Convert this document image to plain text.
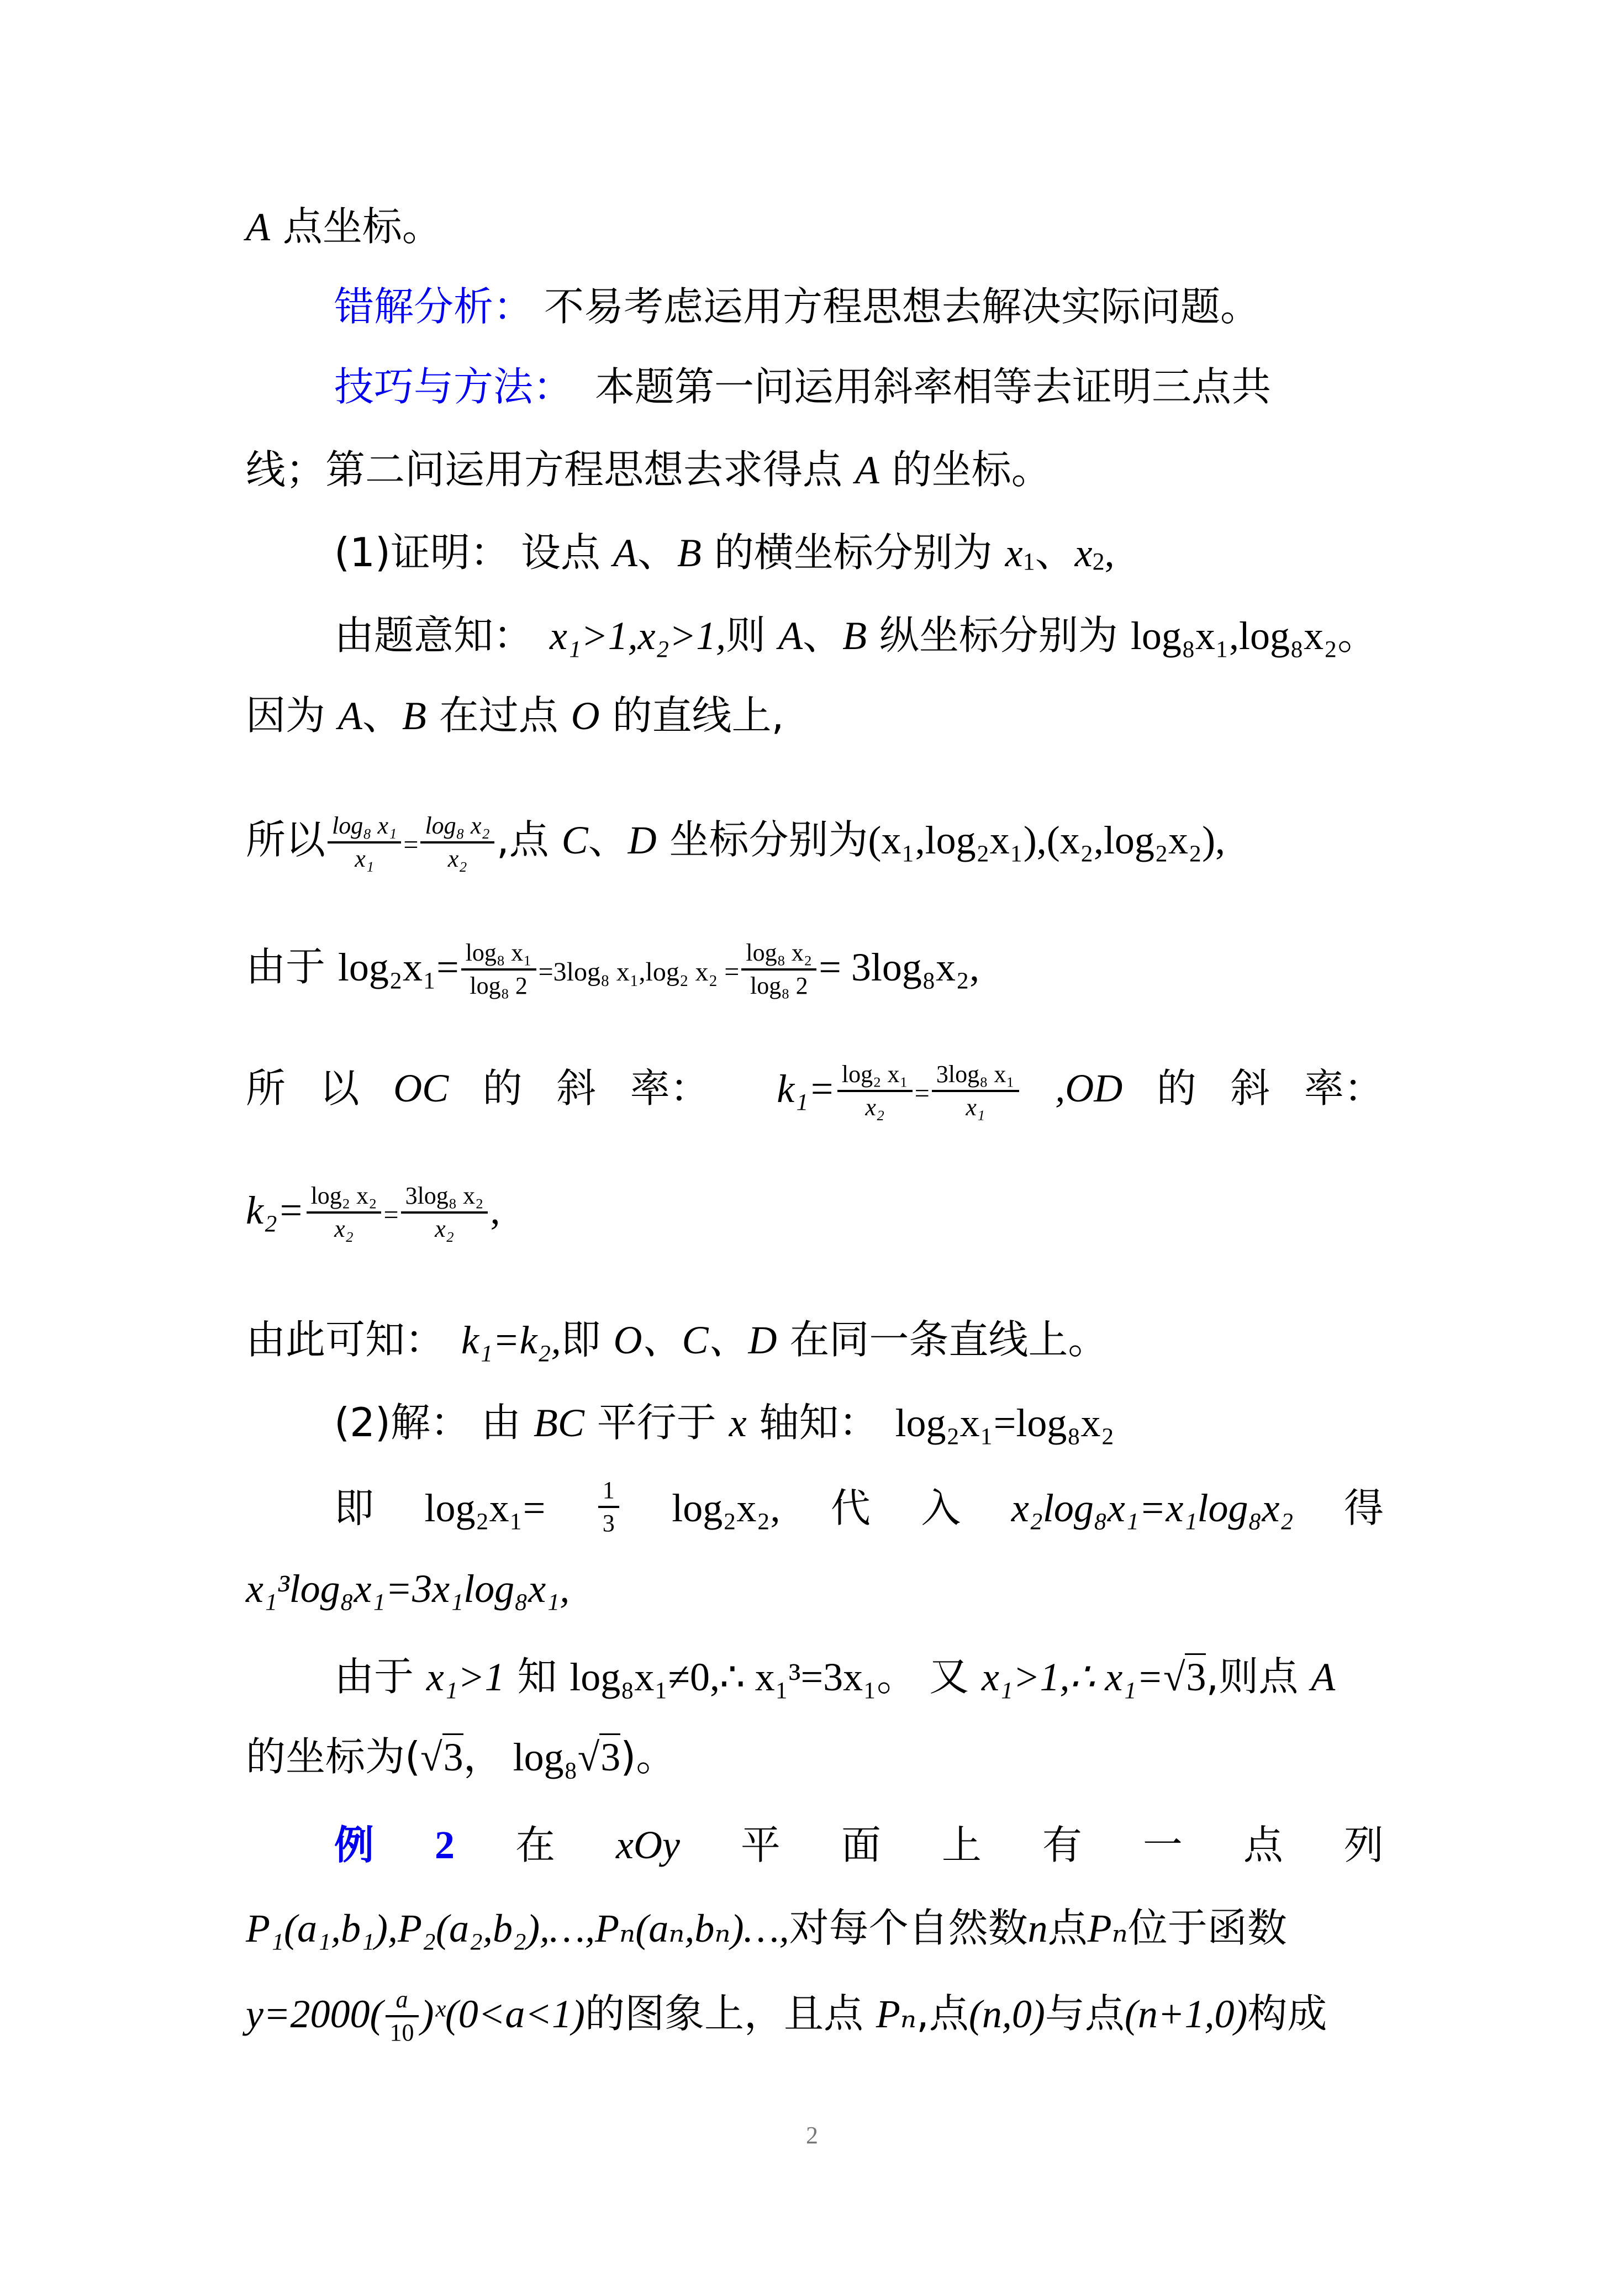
A 点坐标。
错解分析： 不易考虑运用方程思想去解决实际问题。
技巧与方法： 本题第一问运用斜率相等去证明三点共
线；第二问运用方程思想去求得点 A 的坐标。
(1)证明： 设点 A、B 的横坐标分别为 x1、x2,
由题意知： x₁>1,x₂>1,则 A、B 纵坐标分别为 log₈x₁,log₈x₂。
因为 A、B 在过点 O 的直线上,
所以 $\frac{\text{log₈ x₁}}{\text{x₁}} = \frac{\text{log₈ x₂}}{\text{x₂}}$ ,点 C、D 坐标分别为(x₁,log₂x₁),(x₂,log₂x₂),
由于 $\log_2x_1= \frac{\text{log₈ x₁}}{\text{log₈ 2}} =3\log_8$ x₁,log₂ $x_2 = \frac{\text{log₈ x₂}}{\text{log₈ 2}} = 3\log_8x_2$,
所 以 OC 的 斜 率： $k_1= \frac{\text{log₂ x₁}}{\text{x₂}} = \frac{\text{3log₈ x₁}}{\text{x₁}} ,OD$ 的 斜 率：
$k_2= \frac{\text{log₂ x₂}}{\text{x₂}} = \frac{\text{3log₈ x₂}}{\text{x₂}}$ ,
由此可知： k₁=k₂,即 O、C、D 在同一条直线上。
(2)解： 由 BC 平行于 x 轴知： log₂x₁=log₈x₂
即 $\log_2x_1= \frac{1}{3} \log_2x_2$, 代 入 x₂log₈x₁=x₁log₈x₂ 得
x₁³log₈x₁=3x₁log₈x₁,
由于 x₁>1 知 log₈x₁≠0,∴ x₁³=3x₁。 又 x₁>1,∴ x₁=√3,则点 A
的坐标为(√3， log₈√3)。
例 2 在 xOy 平 面 上 有 一 点 列
P₁(a₁,b₁),P₂(a₂,b₂),…,Pₙ(aₙ,bₙ)…,对每个自然数n点Pₙ位于函数
$y=2000( \frac{a}{10}$ )ˣ(0<a<1)的图象上，且点 Pₙ,点(n,0)与点(n+1,0)构成
2
